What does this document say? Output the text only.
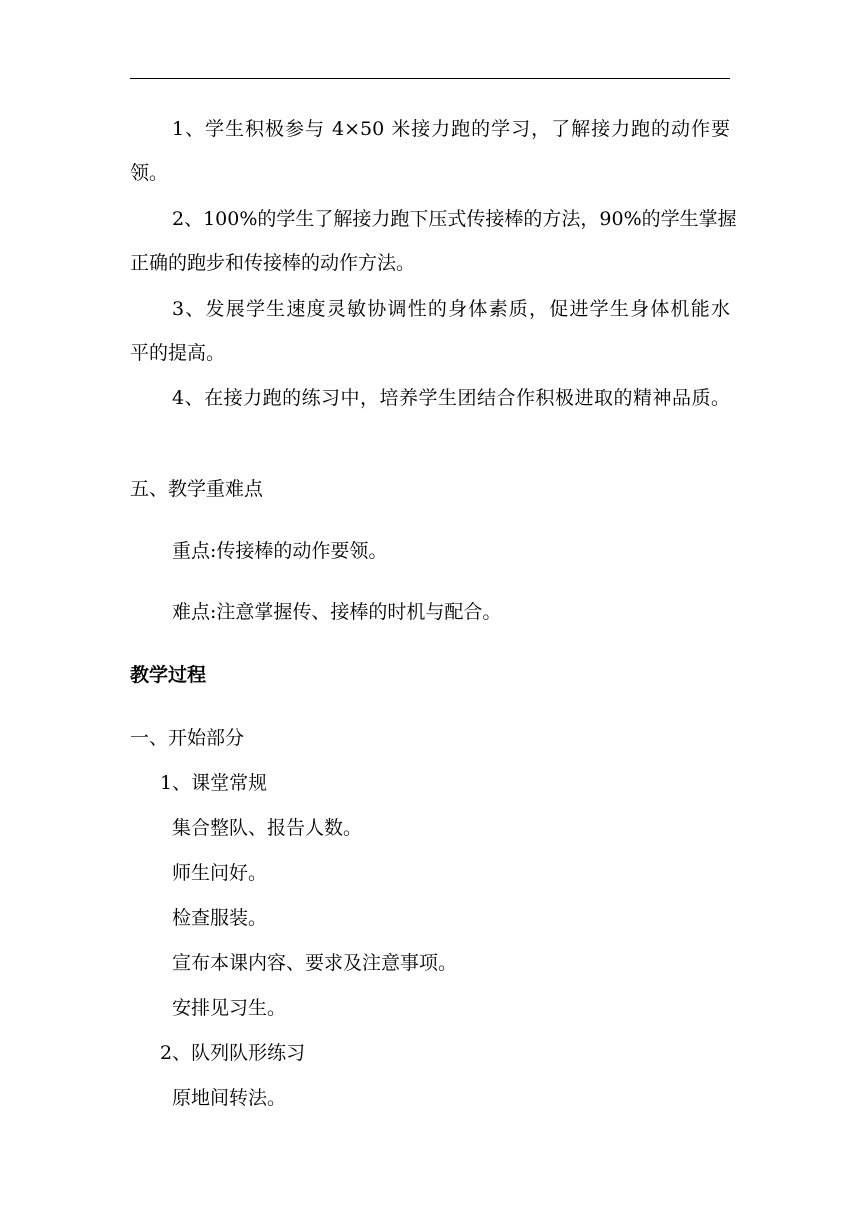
1、学生积极参与 4×50 米接力跑的学习，了解接力跑的动作要
领。
2、100%的学生了解接力跑下压式传接棒的方法，90%的学生掌握
正确的跑步和传接棒的动作方法。
3、发展学生速度灵敏协调性的身体素质，促进学生身体机能水
平的提高。
4、在接力跑的练习中，培养学生团结合作积极进取的精神品质。
五、教学重难点
重点:传接棒的动作要领。
难点:注意掌握传、接棒的时机与配合。
教学过程
一、开始部分
1、课堂常规
集合整队、报告人数。
师生问好。
检查服装。
宣布本课内容、要求及注意事项。
安排见习生。
2、队列队形练习
原地间转法。
